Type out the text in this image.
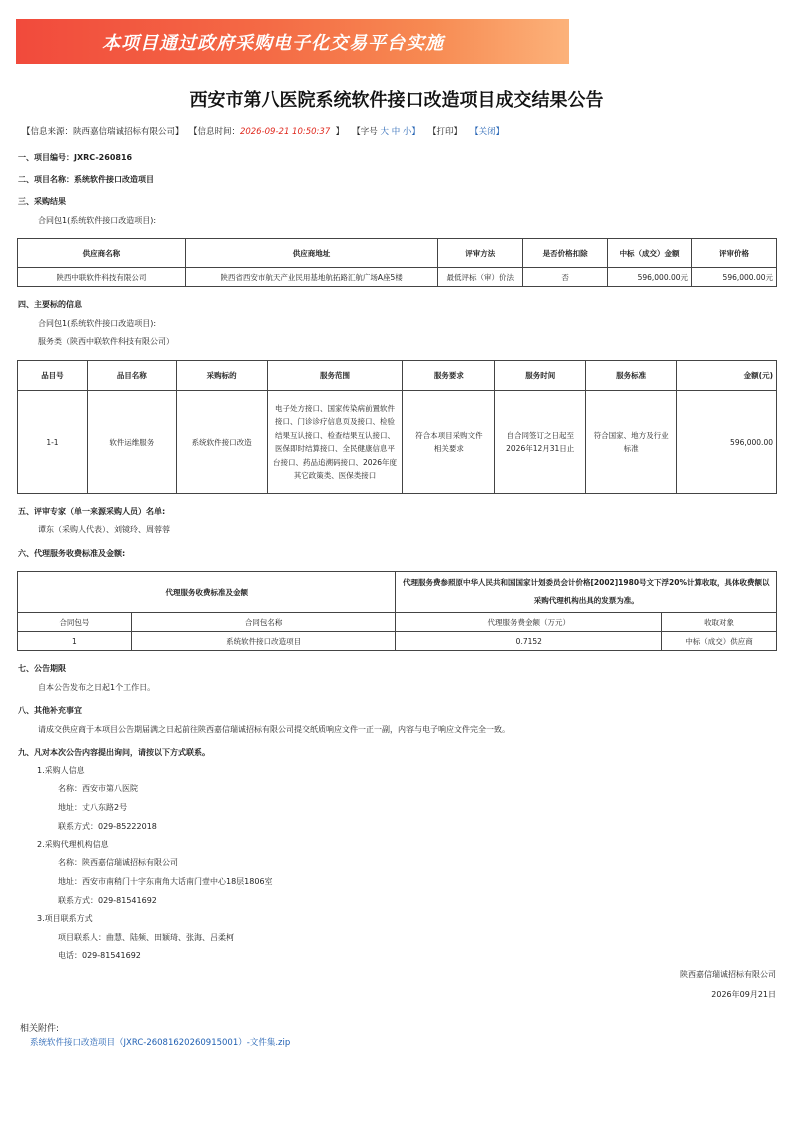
本项目通过政府采购电子化交易平台实施
西安市第八医院系统软件接口改造项目成交结果公告
【信息来源：陕西嘉信瑞诚招标有限公司】 【信息时间：2026-09-21 10:50:37 】 【字号 大 中 小】 【打印】 【关闭】
一、项目编号：JXRC-260816
二、项目名称：系统软件接口改造项目
三、采购结果
合同包1(系统软件接口改造项目):
供应商名称	供应商地址	评审方法	是否价格扣除	中标（成交）金额	评审价格
陕西中联软件科技有限公司	陕西省西安市航天产业民用基地航拓路汇航广场A座5楼	最低评标（审）价法	否	596,000.00元	596,000.00元
四、主要标的信息
合同包1(系统软件接口改造项目):
服务类（陕西中联软件科技有限公司）
品目号	品目名称	采购标的	服务范围	服务要求	服务时间	服务标准	金额(元)
1-1	软件运维服务	系统软件接口改造	电子处方接口、国家传染病前置软件接口、门诊诊疗信息页及接口、检验结果互认接口、检查结果互认接口、医保即时结算接口、全民健康信息平台接口、药品追溯码接口、2026年度其它政策类、医保类接口	符合本项目采购文件相关要求	自合同签订之日起至2026年12月31日止	符合国家、地方及行业标准	596,000.00
五、评审专家（单一来源采购人员）名单:
谭东（采购人代表）、刘镜玲、周蓉蓉
六、代理服务收费标准及金额:
代理服务收费标准及金额		代理服务费参照原中华人民共和国国家计划委员会计价格[2002]1980号文下浮20%计算收取，具体收费额以采购代理机构出具的发票为准。	
合同包号	合同包名称	代理服务费金额（万元）	收取对象
1	系统软件接口改造项目	0.7152	中标（成交）供应商
七、公告期限
自本公告发布之日起1个工作日。
八、其他补充事宜
请成交供应商于本项目公告期届满之日起前往陕西嘉信瑞诚招标有限公司提交纸质响应文件一正一副，内容与电子响应文件完全一致。
九、凡对本次公告内容提出询问，请按以下方式联系。
1.采购人信息
名称：西安市第八医院
地址：丈八东路2号
联系方式：029-85222018
2.采购代理机构信息
名称：陕西嘉信瑞诚招标有限公司
地址：西安市南稍门十字东南角大话南门壹中心18层1806室
联系方式：029-81541692
3.项目联系方式
项目联系人：曲慧、陆频、田颖琦、张海、吕柔柯
电话：029-81541692
陕西嘉信瑞诚招标有限公司
2026年09月21日
相关附件:
系统软件接口改造项目（JXRC-26081620260915001）-文件集.zip
